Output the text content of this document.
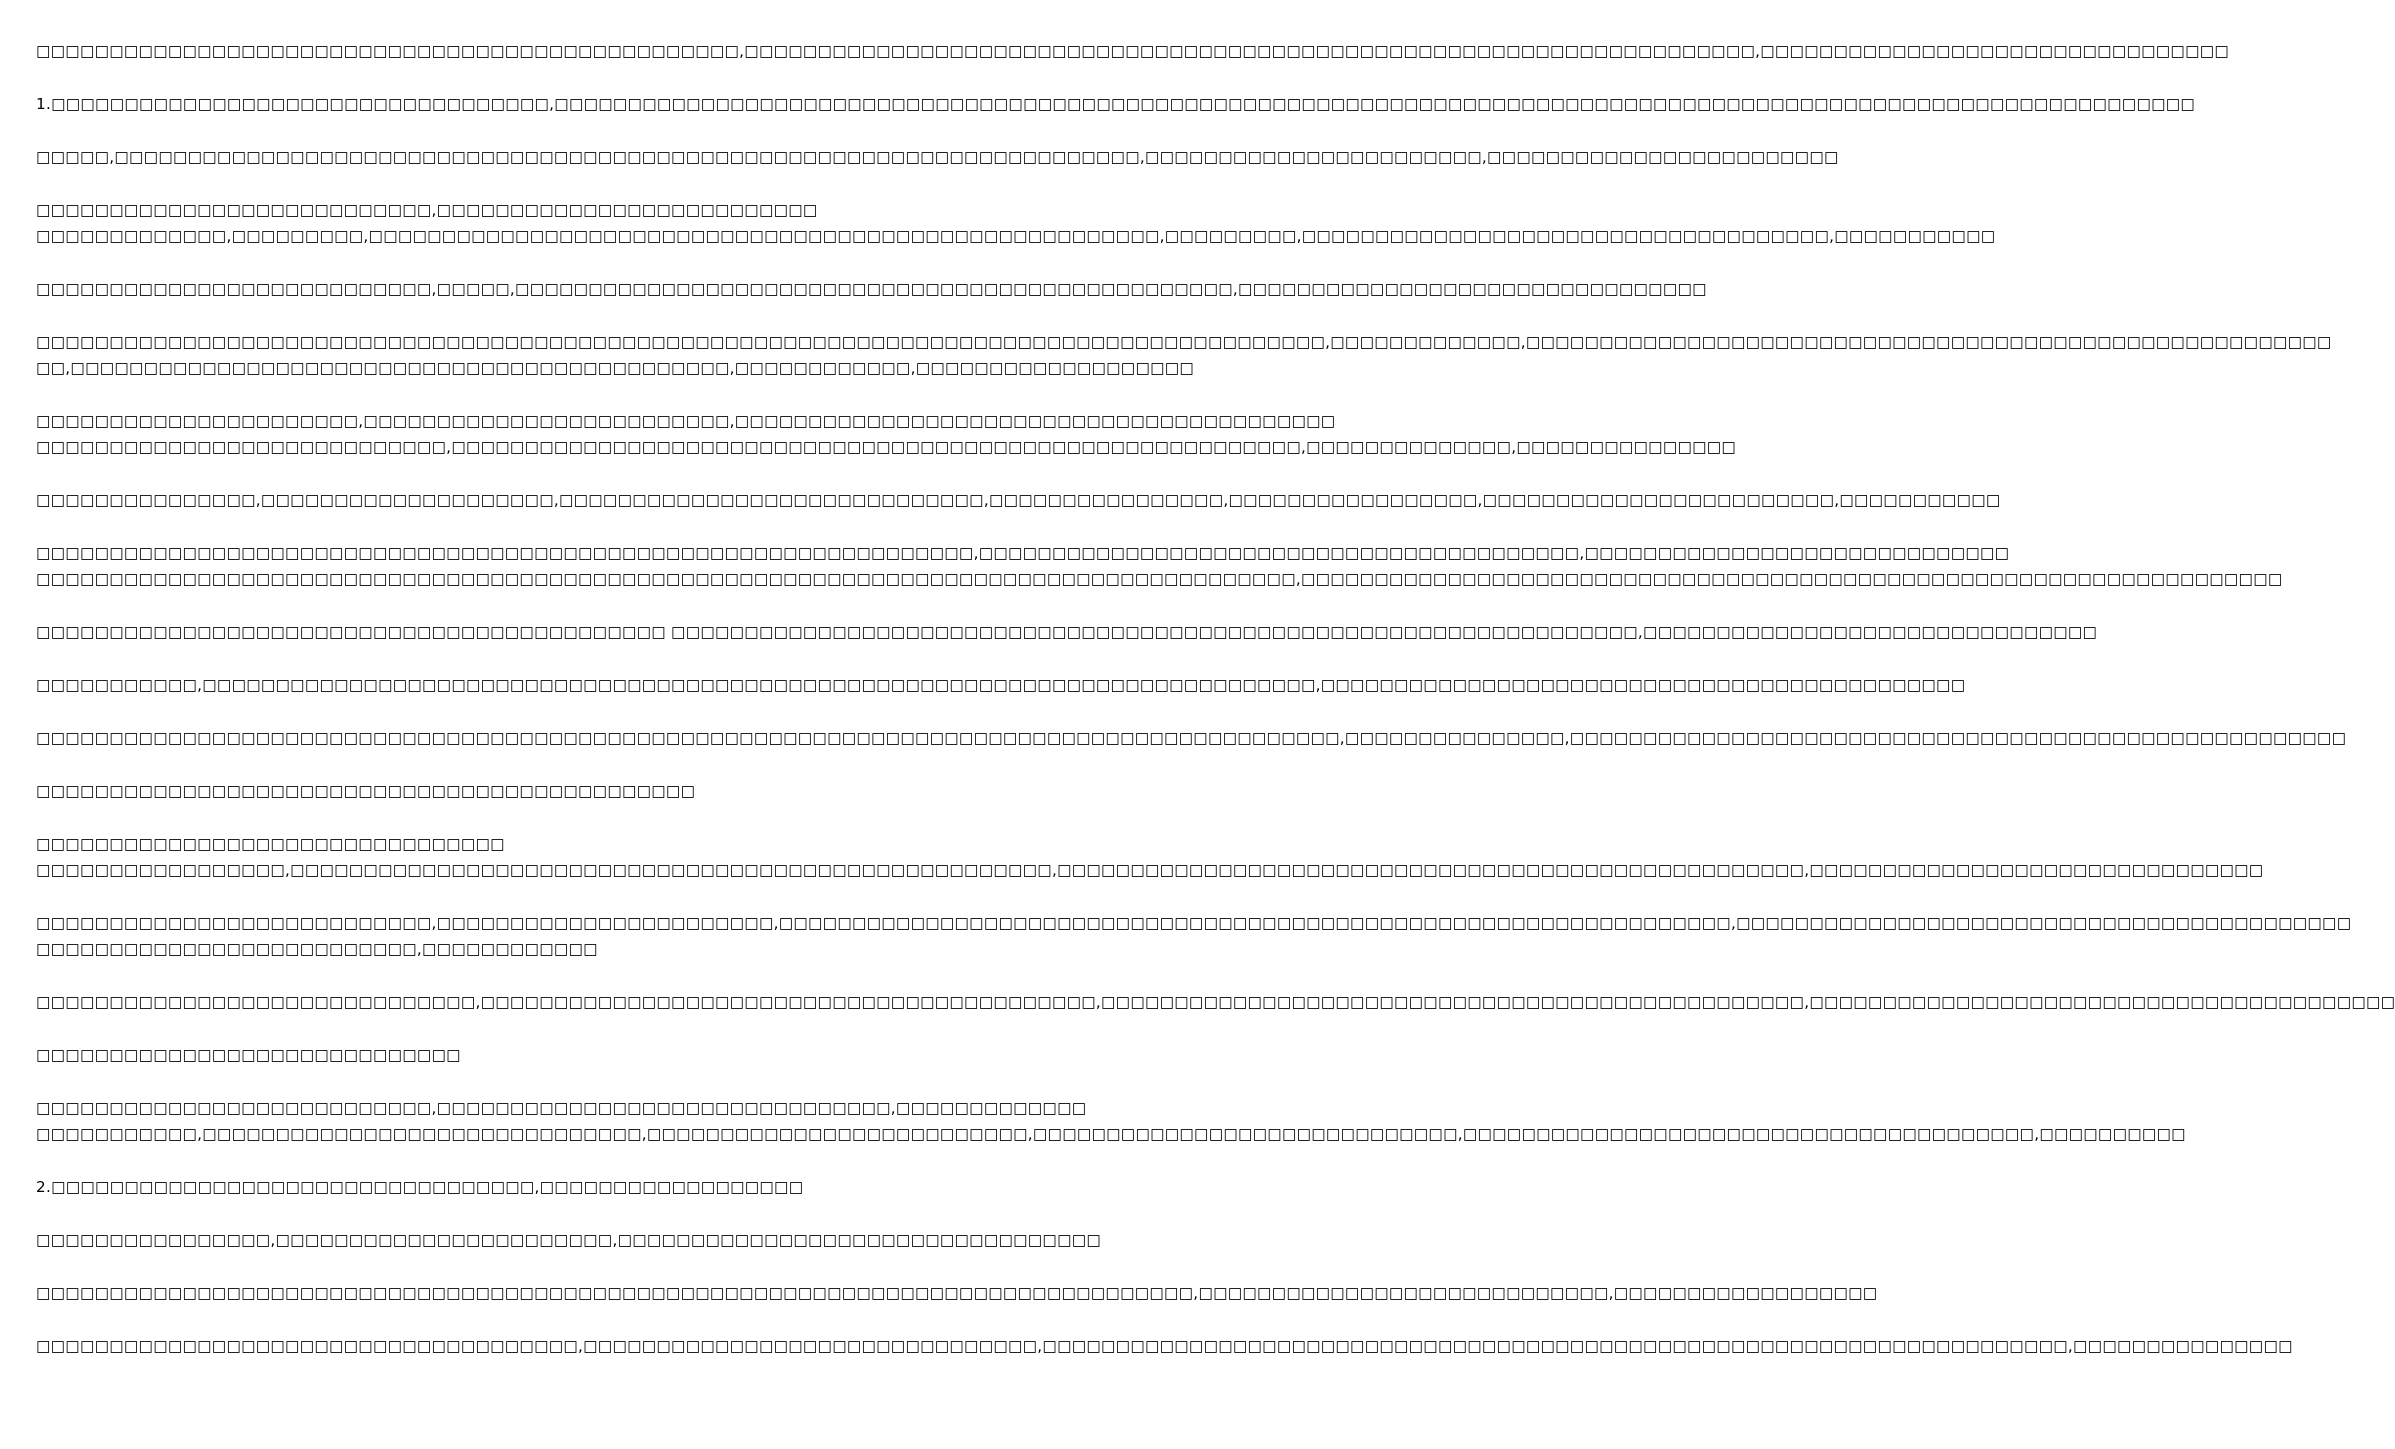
□□□□□□□□□□□□□□□□□□□□□□□□□□□□□□□□□□□□□□□□□□□□□□□□,□□□□□□□□□□□□□□□□□□□□□□□□□□□□□□□□□□□□□□□□□□□□□□□□□□□□□□□□□□□□□□□□□□□□□,□□□□□□□□□□□□□□□□□□□□□□□□□□□□□□□□
1.□□□□□□□□□□□□□□□□□□□□□□□□□□□□□□□□□□,□□□□□□□□□□□□□□□□□□□□□□□□□□□□□□□□□□□□□□□□□□□□□□□□□□□□□□□□□□□□□□□□□□□□□□□□□□□□□□□□□□□□□□□□□□□□□□□□□□□□□□□□□□□□□□□□
□□□□□,□□□□□□□□□□□□□□□□□□□□□□□□□□□□□□□□□□□□□□□□□□□□□□□□□□□□□□□□□□□□□□□□□□□□□□,□□□□□□□□□□□□□□□□□□□□□□□,□□□□□□□□□□□□□□□□□□□□□□□□
□□□□□□□□□□□□□□□□□□□□□□□□□□□,□□□□□□□□□□□□□□□□□□□□□□□□□□
□□□□□□□□□□□□□,□□□□□□□□□,□□□□□□□□□□□□□□□□□□□□□□□□□□□□□□□□□□□□□□□□□□□□□□□□□□□□□□,□□□□□□□□□,□□□□□□□□□□□□□□□□□□□□□□□□□□□□□□□□□□□□,□□□□□□□□□□□
□□□□□□□□□□□□□□□□□□□□□□□□□□□,□□□□□,□□□□□□□□□□□□□□□□□□□□□□□□□□□□□□□□□□□□□□□□□□□□□□□□□,□□□□□□□□□□□□□□□□□□□□□□□□□□□□□□□□
□□□□□□□□□□□□□□□□□□□□□□□□□□□□□□□□□□□□□□□□□□□□□□□□□□□□□□□□□□□□□□□□□□□□□□□□□□□□□□□□□□□□□□□□,□□□□□□□□□□□□□,□□□□□□□□□□□□□□□□□□□□□□□□□□□□□□□□□□□□□□□□□□□□□□□□□□□□□□□
□□,□□□□□□□□□□□□□□□□□□□□□□□□□□□□□□□□□□□□□□□□□□□□□,□□□□□□□□□□□□,□□□□□□□□□□□□□□□□□□□
□□□□□□□□□□□□□□□□□□□□□□,□□□□□□□□□□□□□□□□□□□□□□□□□,□□□□□□□□□□□□□□□□□□□□□□□□□□□□□□□□□□□□□□□□□
□□□□□□□□□□□□□□□□□□□□□□□□□□□□,□□□□□□□□□□□□□□□□□□□□□□□□□□□□□□□□□□□□□□□□□□□□□□□□□□□□□□□□□□,□□□□□□□□□□□□□□,□□□□□□□□□□□□□□□
□□□□□□□□□□□□□□□,□□□□□□□□□□□□□□□□□□□□,□□□□□□□□□□□□□□□□□□□□□□□□□□□□□,□□□□□□□□□□□□□□□□,□□□□□□□□□□□□□□□□□,□□□□□□□□□□□□□□□□□□□□□□□□,□□□□□□□□□□□
□□□□□□□□□□□□□□□□□□□□□□□□□□□□□□□□□□□□□□□□□□□□□□□□□□□□□□□□□□□□□□□□,□□□□□□□□□□□□□□□□□□□□□□□□□□□□□□□□□□□□□□□□□,□□□□□□□□□□□□□□□□□□□□□□□□□□□□□
□□□□□□□□□□□□□□□□□□□□□□□□□□□□□□□□□□□□□□□□□□□□□□□□□□□□□□□□□□□□□□□□□□□□□□□□□□□□□□□□□□□□□□,□□□□□□□□□□□□□□□□□□□□□□□□□□□□□□□□□□□□□□□□□□□□□□□□□□□□□□□□□□□□□□□□□□□
□□□□□□□□□□□□□□□□□□□□□□□□□□□□□□□□□□□□□□□□□□□ □□□□□□□□□□□□□□□□□□□□□□□□□□□□□□□□□□□□□□□□□□□□□□□□□□□□□□□□□□□□□□□□□□,□□□□□□□□□□□□□□□□□□□□□□□□□□□□□□□
□□□□□□□□□□□,□□□□□□□□□□□□□□□□□□□□□□□□□□□□□□□□□□□□□□□□□□□□□□□□□□□□□□□□□□□□□□□□□□□□□□□□□□□□,□□□□□□□□□□□□□□□□□□□□□□□□□□□□□□□□□□□□□□□□□□□□
□□□□□□□□□□□□□□□□□□□□□□□□□□□□□□□□□□□□□□□□□□□□□□□□□□□□□□□□□□□□□□□□□□□□□□□□□□□□□□□□□□□□□□□□□,□□□□□□□□□□□□□□□,□□□□□□□□□□□□□□□□□□□□□□□□□□□□□□□□□□□□□□□□□□□□□□□□□□□□□
□□□□□□□□□□□□□□□□□□□□□□□□□□□□□□□□□□□□□□□□□□□□□
□□□□□□□□□□□□□□□□□□□□□□□□□□□□□□□□
□□□□□□□□□□□□□□□□□,□□□□□□□□□□□□□□□□□□□□□□□□□□□□□□□□□□□□□□□□□□□□□□□□□□□□,□□□□□□□□□□□□□□□□□□□□□□□□□□□□□□□□□□□□□□□□□□□□□□□□□□□,□□□□□□□□□□□□□□□□□□□□□□□□□□□□□□□
□□□□□□□□□□□□□□□□□□□□□□□□□□□,□□□□□□□□□□□□□□□□□□□□□□□,□□□□□□□□□□□□□□□□□□□□□□□□□□□□□□□□□□□□□□□□□□□□□□□□□□□□□□□□□□□□□□□□□,□□□□□□□□□□□□□□□□□□□□□□□□□□□□□□□□□□□□□□□□□□
□□□□□□□□□□□□□□□□□□□□□□□□□□,□□□□□□□□□□□□
□□□□□□□□□□□□□□□□□□□□□□□□□□□□□□,□□□□□□□□□□□□□□□□□□□□□□□□□□□□□□□□□□□□□□□□□□,□□□□□□□□□□□□□□□□□□□□□□□□□□□□□□□□□□□□□□□□□□□□□□□□,□□□□□□□□□□□□□□□□□□□□□□□□□□□□□□□□□□□□□□□□
□□□□□□□□□□□□□□□□□□□□□□□□□□□□□
□□□□□□□□□□□□□□□□□□□□□□□□□□□,□□□□□□□□□□□□□□□□□□□□□□□□□□□□□□□,□□□□□□□□□□□□□
□□□□□□□□□□□,□□□□□□□□□□□□□□□□□□□□□□□□□□□□□□,□□□□□□□□□□□□□□□□□□□□□□□□□□,□□□□□□□□□□□□□□□□□□□□□□□□□□□□□,□□□□□□□□□□□□□□□□□□□□□□□□□□□□□□□□□□□□□□□,□□□□□□□□□□
2.□□□□□□□□□□□□□□□□□□□□□□□□□□□□□□□□□,□□□□□□□□□□□□□□□□□□
□□□□□□□□□□□□□□□□,□□□□□□□□□□□□□□□□□□□□□□□,□□□□□□□□□□□□□□□□□□□□□□□□□□□□□□□□□
□□□□□□□□□□□□□□□□□□□□□□□□□□□□□□□□□□□□□□□□□□□□□□□□□□□□□□□□□□□□□□□□□□□□□□□□□□□□□□□,□□□□□□□□□□□□□□□□□□□□□□□□□□□□,□□□□□□□□□□□□□□□□□□
□□□□□□□□□□□□□□□□□□□□□□□□□□□□□□□□□□□□□,□□□□□□□□□□□□□□□□□□□□□□□□□□□□□□□,□□□□□□□□□□□□□□□□□□□□□□□□□□□□□□□□□□□□□□□□□□□□□□□□□□□□□□□□□□□□□□□□□□□□□□,□□□□□□□□□□□□□□□
